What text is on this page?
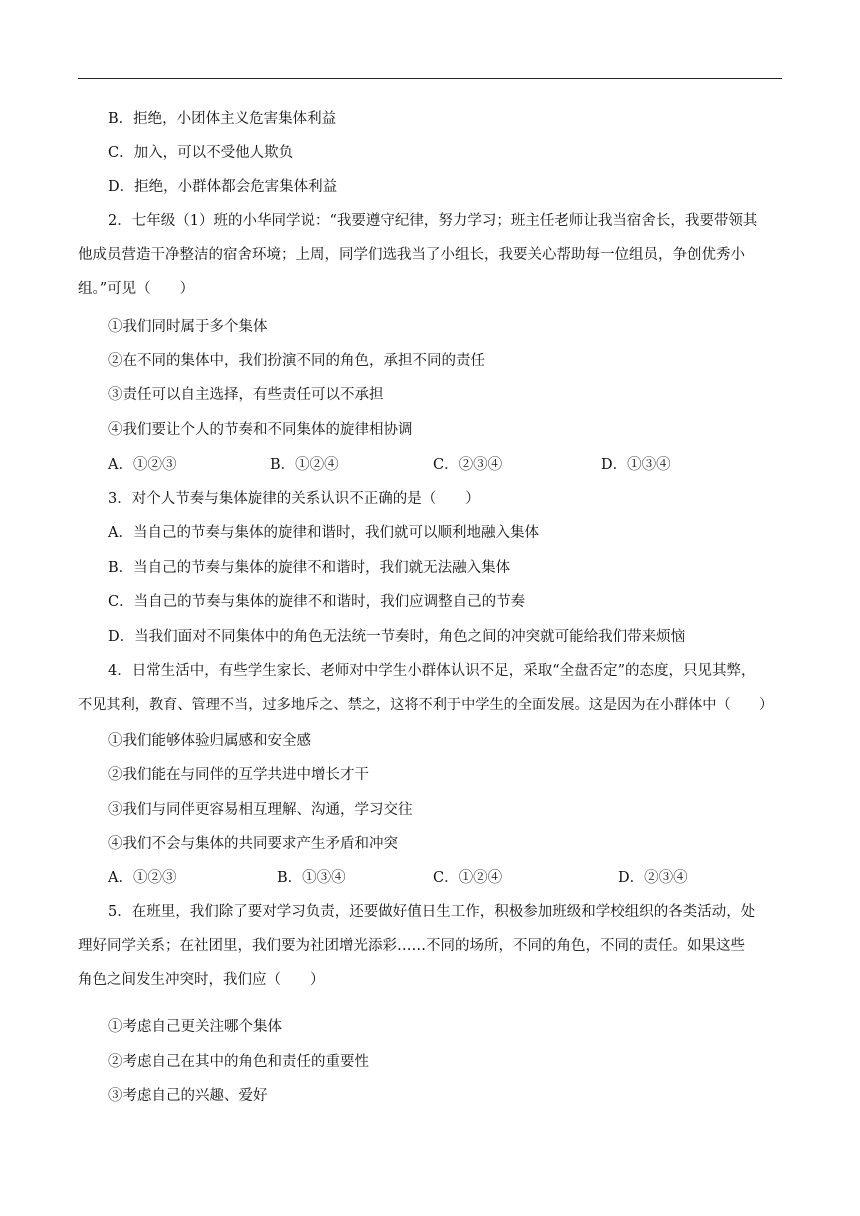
B．拒绝，小团体主义危害集体利益
C．加入，可以不受他人欺负
D．拒绝，小群体都会危害集体利益
2．七年级（1）班的小华同学说：“我要遵守纪律，努力学习；班主任老师让我当宿舍长，我要带领其
他成员营造干净整洁的宿舍环境；上周，同学们选我当了小组长，我要关心帮助每一位组员，争创优秀小
组。”可见（　　）
①我们同时属于多个集体
②在不同的集体中，我们扮演不同的角色，承担不同的责任
③责任可以自主选择，有些责任可以不承担
④我们要让个人的节奏和不同集体的旋律相协调
A．①②③	B．①②④	C．②③④	D．①③④
3．对个人节奏与集体旋律的关系认识不正确的是（　　）
A．当自己的节奏与集体的旋律和谐时，我们就可以顺利地融入集体
B．当自己的节奏与集体的旋律不和谐时，我们就无法融入集体
C．当自己的节奏与集体的旋律不和谐时，我们应调整自己的节奏
D．当我们面对不同集体中的角色无法统一节奏时，角色之间的冲突就可能给我们带来烦恼
4．日常生活中，有些学生家长、老师对中学生小群体认识不足，采取“全盘否定”的态度，只见其弊，
不见其利，教育、管理不当，过多地斥之、禁之，这将不利于中学生的全面发展。这是因为在小群体中（　　）
①我们能够体验归属感和安全感
②我们能在与同伴的互学共进中增长才干
③我们与同伴更容易相互理解、沟通，学习交往
④我们不会与集体的共同要求产生矛盾和冲突
A．①②③	B．①③④	C．①②④	D．②③④
5．在班里，我们除了要对学习负责，还要做好值日生工作，积极参加班级和学校组织的各类活动，处
理好同学关系；在社团里，我们要为社团增光添彩……不同的场所，不同的角色，不同的责任。如果这些
角色之间发生冲突时，我们应（　　）
①考虑自己更关注哪个集体
②考虑自己在其中的角色和责任的重要性
③考虑自己的兴趣、爱好
